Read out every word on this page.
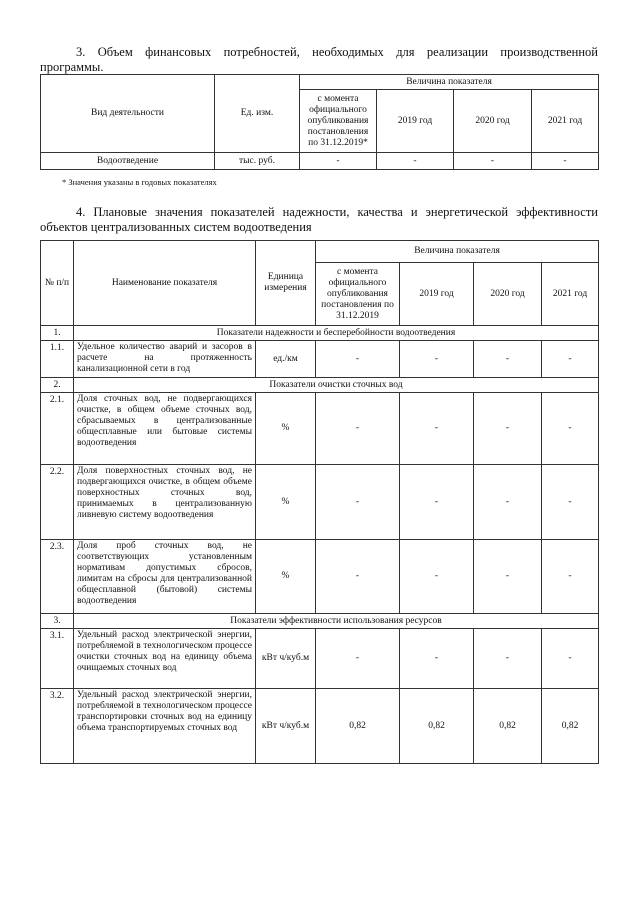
3. Объем финансовых потребностей, необходимых для реализации производственной программы.

Вид деятельности	Ед. изм.	Величина показателя			
		с момента официального опубликования постановления по 31.12.2019*	2019 год	2020 год	2021 год
Водоотведение	тыс. руб.	-	-	-	-
* Значения указаны в годовых показателях

4. Плановые значения показателей надежности, качества и энергетической эффективности объектов централизованных систем водоотведения

№ п/п	Наименование показателя	Единица измерения	Величина показателя			
			с момента официального опубликования постановления по 31.12.2019	2019 год	2020 год	2021 год
1.	Показатели надежности и бесперебойности водоотведения					
1.1.	Удельное количество аварий и засоров в расчете на протяженность канализационной сети в год	ед./км	-	-	-	-
2.	Показатели очистки сточных вод					
2.1.	Доля сточных вод, не подвергающихся очистке, в общем объеме сточных вод, сбрасываемых в централизованные общесплавные или бытовые системы водоотведения	%	-	-	-	-
2.2.	Доля поверхностных сточных вод, не подвергающихся очистке, в общем объеме поверхностных сточных вод, принимаемых в централизованную ливневую систему водоотведения	%	-	-	-	-
2.3.	Доля проб сточных вод, не соответствующих установленным нормативам допустимых сбросов, лимитам на сбросы для централизованной общесплавной (бытовой) системы водоотведения	%	-	-	-	-
3.	Показатели эффективности использования ресурсов					
3.1.	Удельный расход электрической энергии, потребляемой в технологическом процессе очистки сточных вод на единицу объема очищаемых сточных вод	кВт ч/куб.м	-	-	-	-
3.2.	Удельный расход электрической энергии, потребляемой в технологическом процессе транспортировки сточных вод на единицу объема транспортируемых сточных вод	кВт ч/куб.м	0,82	0,82	0,82	0,82
